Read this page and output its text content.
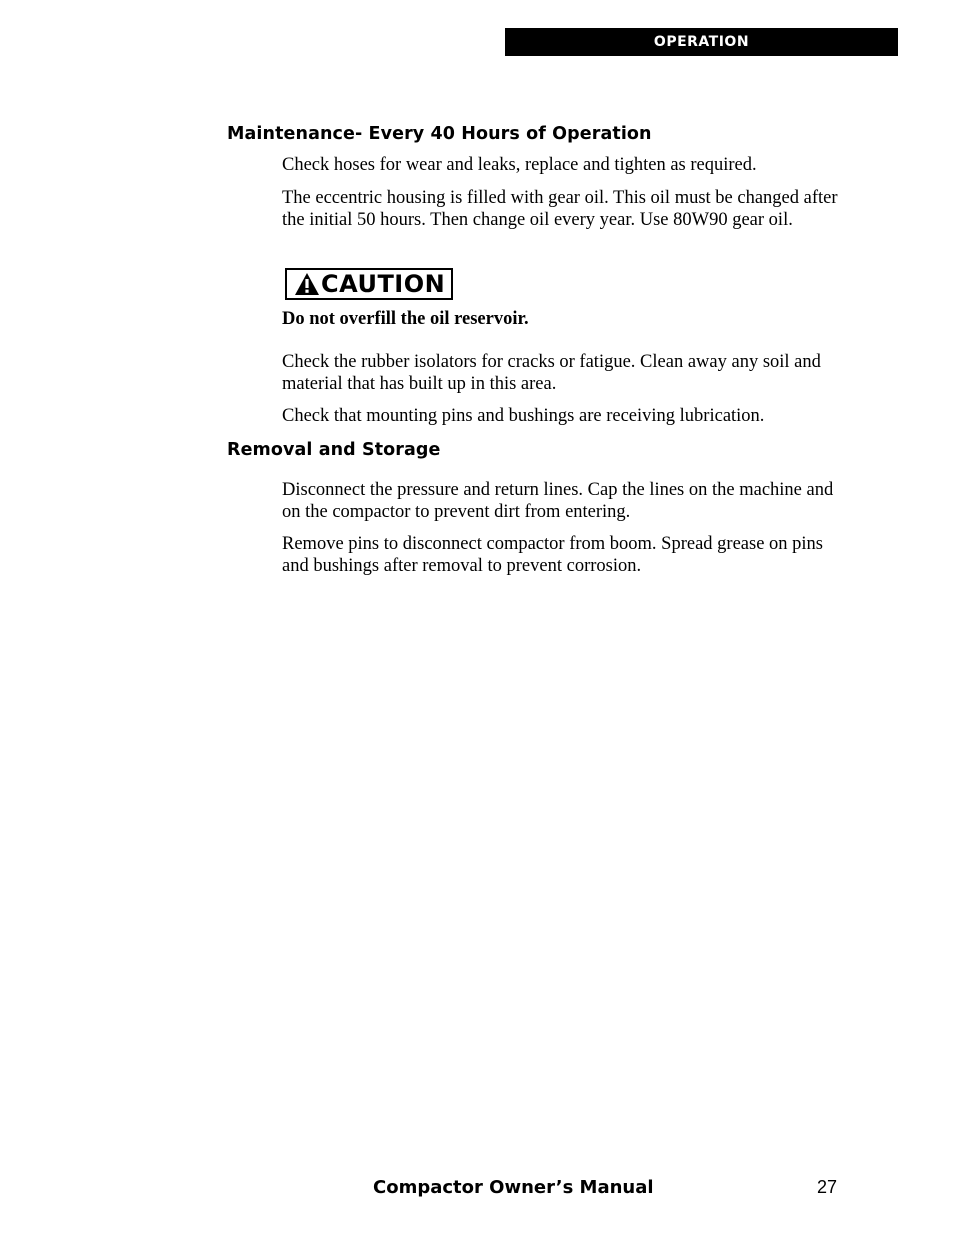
OPERATION
Maintenance- Every 40 Hours of Operation

Check hoses for wear and leaks, replace and tighten as required.

The eccentric housing is filled with gear oil. This oil must be changed after the initial 50 hours. Then change oil every year. Use 80W90 gear oil.

CAUTION

Do not overfill the oil reservoir.

Check the rubber isolators for cracks or fatigue. Clean away any soil and material that has built up in this area.

Check that mounting pins and bushings are receiving lubrication.

Removal and Storage

Disconnect the pressure and return lines. Cap the lines on the machine and on the compactor to prevent dirt from entering.

Remove pins to disconnect compactor from boom. Spread grease on pins and bushings after removal to prevent corrosion.

Compactor Owner’s Manual	27
